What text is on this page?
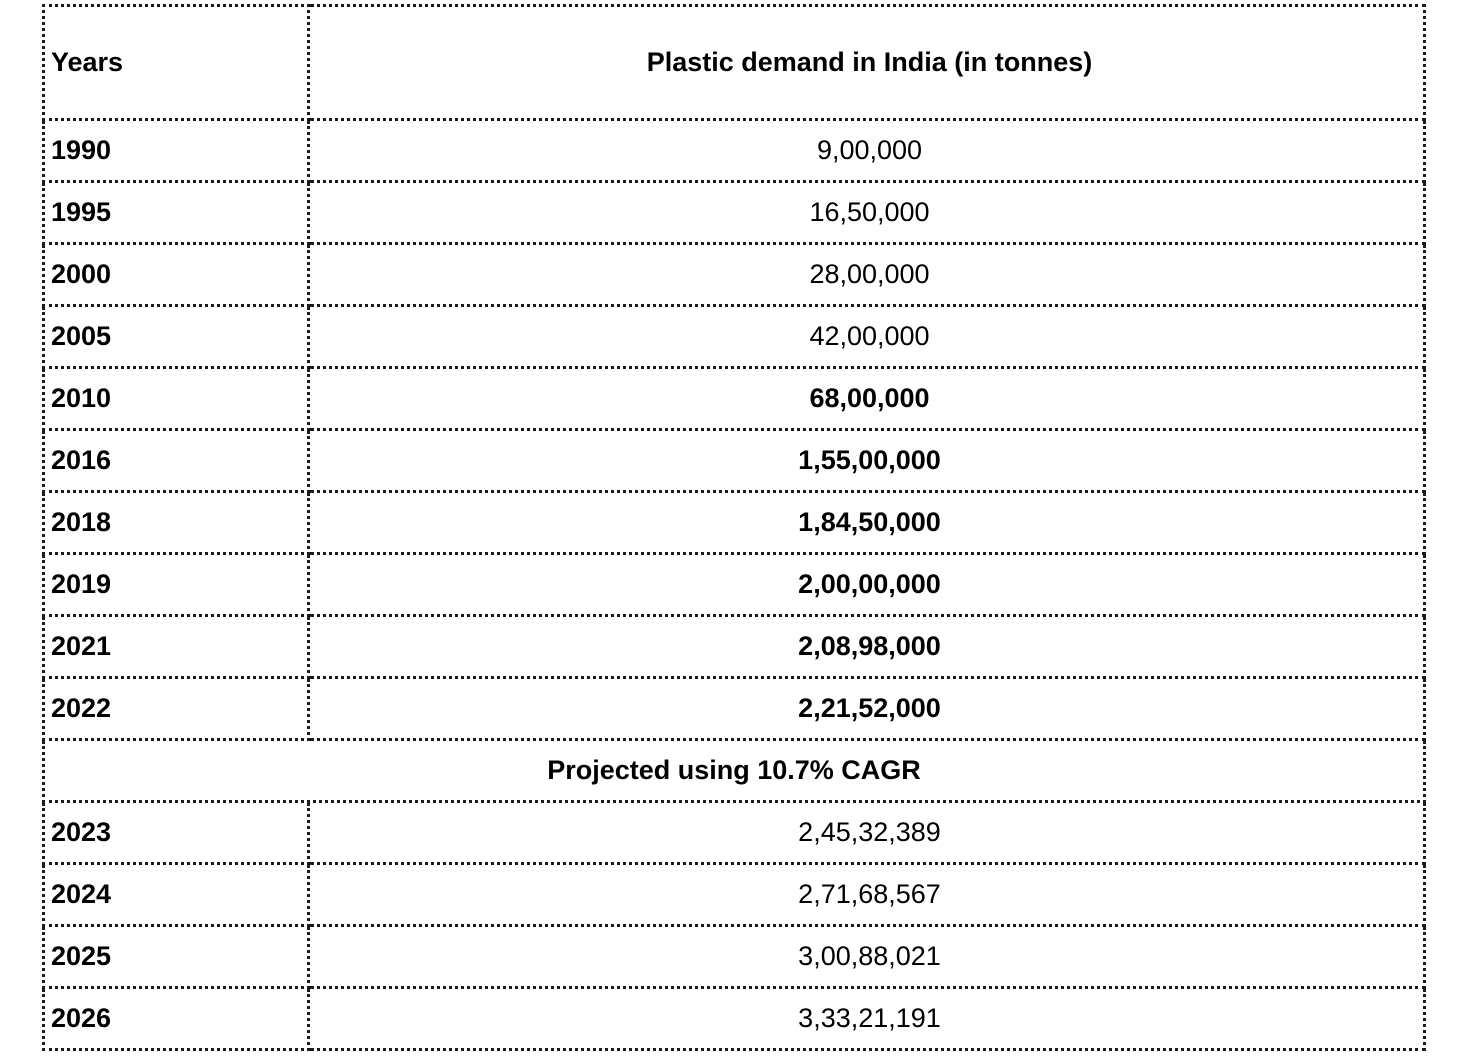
Years	Plastic demand in India (in tonnes)
1990	9,00,000
1995	16,50,000
2000	28,00,000
2005	42,00,000
2010	68,00,000
2016	1,55,00,000
2018	1,84,50,000
2019	2,00,00,000
2021	2,08,98,000
2022	2,21,52,000
Projected using 10.7% CAGR	
2023	2,45,32,389
2024	2,71,68,567
2025	3,00,88,021
2026	3,33,21,191
